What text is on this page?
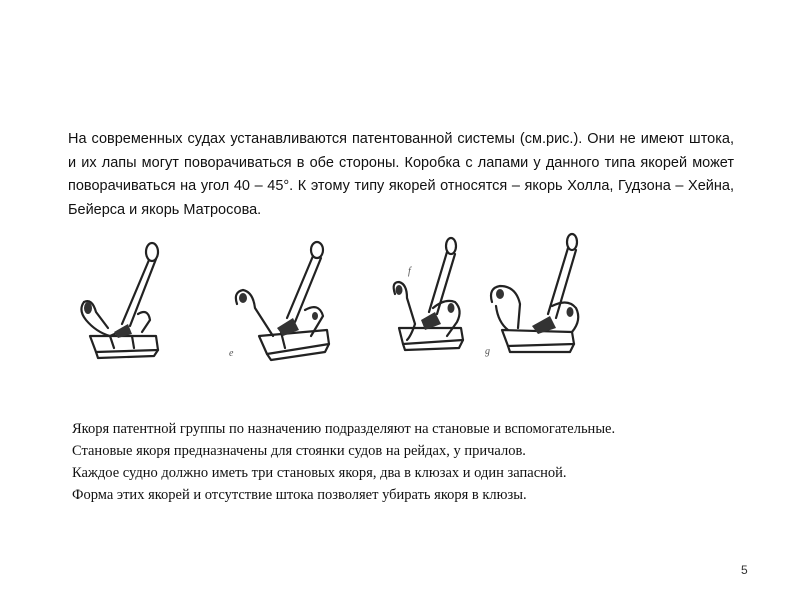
На современных судах устанавливаются патентованной системы (см.рис.). Они не имеют штока, и их лапы могут поворачиваться в обе стороны. Коробка с лапами у данного типа якорей может поворачиваться на угол 40 – 45°. К этому типу якорей относятся – якорь Холла, Гудзона – Хейна, Бейерса и якорь Матросова.

е
f
g
Якоря патентной группы по назначению подразделяют на становые и вспомогательные.
Становые якоря предназначены для стоянки судов на рейдах, у причалов.
Каждое судно должно иметь три становых якоря, два в клюзах и один запасной.
Форма этих якорей и отсутствие штока позволяет убирать якоря в клюзы.
5
